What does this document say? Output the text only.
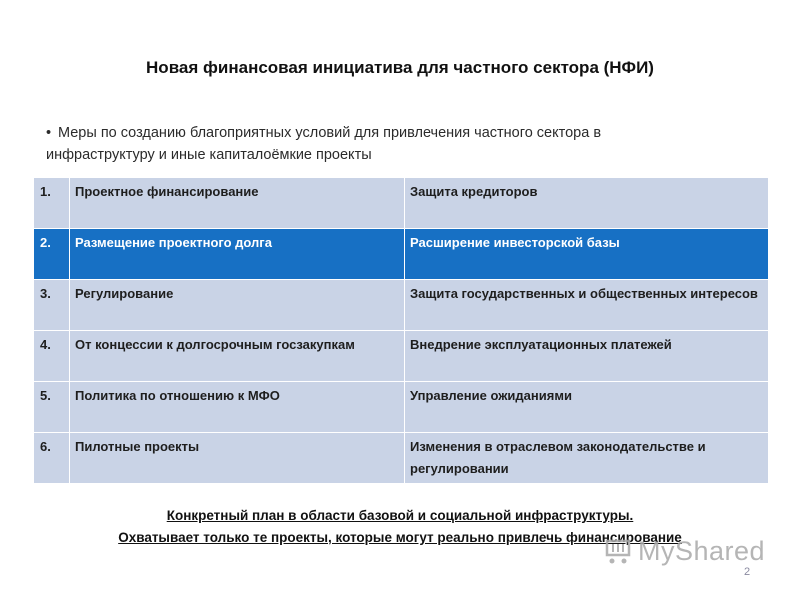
Новая финансовая инициатива для частного сектора (НФИ)
• Меры по созданию благоприятных условий для привлечения частного сектора в инфраструктуру и иные капиталоёмкие проекты
1.	Проектное финансирование	Защита кредиторов
2.	Размещение проектного долга	Расширение инвесторской базы
3.	Регулирование	Защита государственных и общественных интересов
4.	От концессии к долгосрочным госзакупкам	Внедрение эксплуатационных платежей
5.	Политика по отношению к МФО	Управление ожиданиями
6.	Пилотные проекты	Изменения в отраслевом законодательстве и регулировании
Конкретный план в области базовой и социальной инфраструктуры.
Охватывает только те проекты, которые могут реально привлечь финансирование
MyShared
2
